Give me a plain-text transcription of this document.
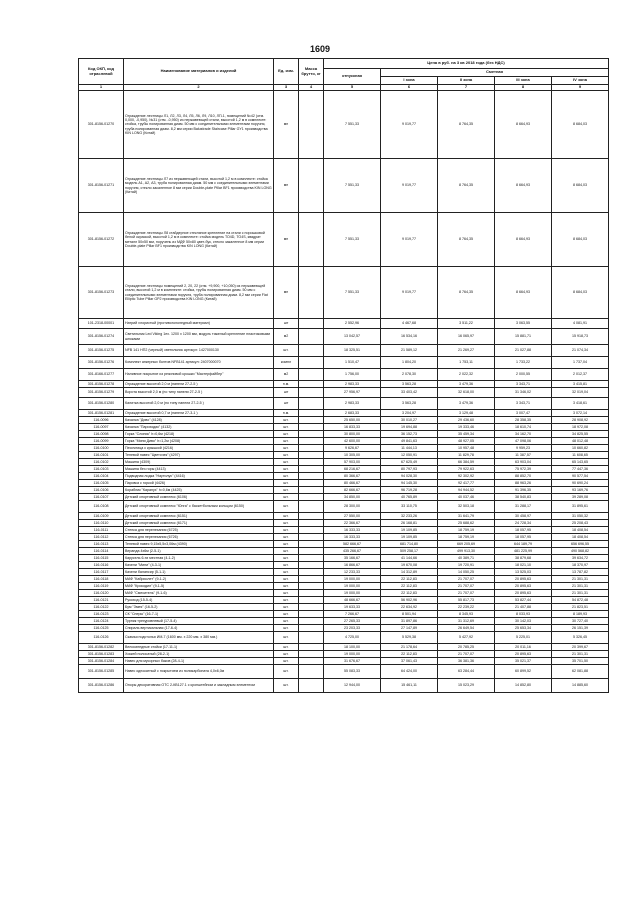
1609
Код ОКП, код отраслевой	Наименование материалов и изделий	Ед. изм.	Масса брутто, кг	Цена в руб. на 3 кв 2018 года (без НДС)				
				отпускная	Сметная			
					I зона	II зона	III зона	IV зона
1	2	3	4	5	6	7	8	9
301-8156-01270	Ограждение лестницы Л1, Л2, Л3, Л4, Л5, Л6, Л9, Л10, ЛП-1, помещений №42 (отм. 0,000, -0,950), №31 (отм. -0,950) из нержавеющей стали, высотой 1,2 м в комплекте: стойка, трубы полированная диам. 50 мм с соединительными элементами поручня, труба полированная диам. 8,2 мм серии Balustrade Staircase Pillar GY1 производства KIN LONG (Китай)	мп		7 551,33	9 019,77	8 764,35	8 664,93	8 684,03
301-8156-01271	Ограждение лестницы Л7 из нержавеющей стали, высотой 1,2 м в комплекте: стойка модель А1, А2, А3, труба полированная диам. 50 мм с соединительными элементами поручня, стекло закаленное 8 мм серии Double-plate Pillar BF1 производства KIN LONG (Китай)	мп		7 551,33	9 019,77	8 764,35	8 664,93	8 684,03
301-8156-01272	Ограждение лестницы Л8 стайдерное стекляное крепление на стали с порошковой белой окраской, высотой 1,2 м в комплекте: стойка модель ТО4D, ТО4S, квадрат металл 50х50 мм, поручень из МДФ 50х80 цвет-бук, стекло закаленное 8 мм серии Double-plate Pillar BF1 производства KIN LONG (Китай)	мп		7 551,33	9 019,77	8 764,35	8 664,93	8 684,03
301-8156-01273	Ограждение лестницы помещений 2, 20, 22 (отм. +9,900, +10,050) из нержавеющей стали, высотой 1,2 м в комплекте: стойка, трубы полированная диам. 50 мм с соединительными элементами поручня, труба полированная диам. 8,2 мм серии Flat Elliptic Tube Pillar GP2 производства KIN LONG (Китай)	мп		7 551,33	9 019,77	8 764,35	8 664,93	8 684,03
101-2318-00001	Натрий хлористый (противогололедный материал)	шт		2 552,96	4 467,68	3 511,22	3 063,55	4 081,91
301-8156-01274	Светильник Led Viking 1ex. 1200 х 1200 мм, модуль тяжелый крепление пластиковыми шпоками	м2		13 042,57	16 534,16	16 065,97	15 881,71	15 918,73
301-8156-01275	NFB 141 НП2 (черный) светильник артикул: 1427000130	шт.		18 325,51	21 589,12	21 269,27	21 027,88	21 074,34
301-8156-01276	Комплект анкерных болтов NFB141 артикул: 2407000070	компл		1 510,47	1 804,20	1 753,11	1 733,22	1 737,04
301-8166-01277	Наливное покрытие из резиновой крошки "Мастерфайбер"	м2		1 756,00	2 078,30	2 022,32	2 000,55	2 012,37
301-8156-01278	Ограждение высотой 2,0 м (панели 27-2-5 )	п.м.		2 983,33	3 563,28	3 479,36	3 343,71	3 415,81
301-8156-01279	Ворота высотой 2,0 м (по типу панели 27-2-5 )	шт		27 956,97	33 403,42	32 618,00	31 346,02	32 019,04
301-8156-01280	Калитка высотой 2,0 м (по типу панели 27-2-5 )	шт		2 983,33	3 563,28	3 479,36	3 343,71	3 418,61
301-8156-01281	Ограждение высотой 0,7 м (панели 27-3-1 )	п.м.		2 683,33	3 204,97	3 129,48	3 007,47	3 072,14
116-0096	Качалка "Диво" (4128)	шт.		25 650,00	30 010,27	29 436,60	28 358,35	28 908,92
116-0097	Качалка "Пароходик" (4132)	шт.		16 833,33	19 694,88	19 333,46	18 610,74	18 972,08
116-0098	Горка "Слоник" h=0,6м (4218)	шт.		30 800,00	36 152,73	35 459,34	34 162,70	34 825,55
116-0099	Горка "Мини Диво" h=1,2м (4208)	шт.		42 600,00	49 841,63	48 927,05	47 098,06	48 012,48
116-0100	Песочница с крышкой (4216)	шт.		9 626,67	11 444,13	10 957,48	9 959,23	10 660,82
116-0101	Теневой навес "Цветочек" (4297)	шт.		10 305,00	12 050,91	11 829,78	11 387,57	11 608,65
116-0102	Машина (4309)	шт.		57 903,00	67 625,49	66 384,59	63 903,04	65 143,65
116-0103	Машина без горы (4413)	шт.		68 216,67	80 797,93	79 922,63	75 972,39	77 447,36
116-0104	Подводная лодка "Наутилус" (4416)	шт.		80 366,67	94 028,30	92 302,92	88 852,70	90 577,54
116-0105	Паровоз с горкой (4426)	шт.		80 466,67	94 145,30	92 417,77	88 963,26	90 690,24
116-0106	Кораблик "Карапуз" h=0,6м (4425)	шт.		82 666,67	96 719,28	94 944,52	91 396,35	93 169,76
116-0107	Детский спортивный комплекс (6106)	шт.		34 850,00	40 765,89	40 037,46	38 540,83	39 289,08
116-0108	Детский спортивный комплекс "Юнга" с баскетбольным кольцом (6150)	шт.		28 300,00	33 110,75	32 503,18	31 288,17	31 895,61
116-0109	Детский спортивный комплекс (6151)	шт.		27 550,00	32 233,26	31 641,79	30 458,97	31 050,32
116-0110	Детский спортивный комплекс (6171)	шт.		22 366,67	26 168,81	25 688,62	24 728,34	25 208,43
116-0111	Стенка для перелезания (6725)	шт.		16 333,33	19 109,85	18 759,19	18 057,95	18 408,54
116-0112	Стенка для перелезания (6726)	шт.		16 333,33	19 109,85	18 759,19	18 057,95	18 408,54
116-0113	Теневой навес 9,15х5,5х3,06м (4390)	шт.		582 666,67	681 714,80	669 205,69	644 189,79	656 696,55
116-0114	Веранда 4х6м (2-5-1)	шт.		435 266,67	509 258,17	499 913,30	481 225,99	490 568,82
116-0115	Карусель 6-ти местная (4-1-2)	шт.		35 166,67	41 144,66	40 389,71	38 879,68	39 634,72
116-0116	Качели "Мини" (4-3-1)	шт.		16 866,67	19 670,08	19 720,91	18 021,10	18 370,97
116-0117	Качели балансир (5-1-1)	шт.		12 233,33	14 312,89	14 050,25	13 525,03	13 787,82
116-0118	МАФ "Кабриолет" (9-1-2)	шт.		19 000,00	22 112,83	21 707,07	20 895,63	21 301,31
116-0119	МАФ "Крокодил" (9-1-5)	шт.		19 000,00	22 112,83	21 707,07	20 895,63	21 301,31
116-0120	МАФ "Смеситель" (9-1-6)	шт.		19 000,00	22 112,83	21 707,07	20 895,63	21 301,31
116-0121	Рукоход (15-5-4)	шт.		48 666,67	56 902,96	55 817,73	53 827,44	54 872,48
116-0122	Бум "Змея" (16-5-2)	шт.		19 633,33	22 634,92	22 239,22	21 407,88	21 823,51
116-0123	СК "Сперы" (16-7-1)	шт.		7 266,67	8 501,94	8 345,93	8 033,93	8 189,93
116-0124	Турник трехуровневый (17-5-4)	шт.		27 265,33	31 897,86	31 312,69	30 142,03	30 727,40
116-0125	Спираль вертикальная (17-6-4)	шт.		23 203,33	27 147,89	26 649,54	25 653,34	26 151,39
116-0126	Скамья подстолья ИМ-7 (1600 мм. х 220 мм. х 380 мм.)	шт.		4 725,00	5 529,38	5 427,92	5 225,01	5 326,45
301-8156-01282	Велосипедные стойки (17-11-1)	шт.		18 100,00	21 178,64	20 785,25	20 011,16	20 399,67
301-8156-01283	Хоккей полосатый (28-2-1)	шт.		19 000,00	22 112,83	21 707,07	20 895,63	21 301,31
301-8156-01284	Навес для мусорных баков (28-4-1)	шт.		31 676,67	37 061,43	36 381,36	35 021,37	35 701,50
301-8156-01285	Навес однокатный с покрытием из поликарбоната 4,0х6,0м	шт.		55 083,33	64 424,00	63 284,44	60 899,52	62 081,88
301-8156-01286	Опоры декоративная ОТС 2-КВ127.1 с кронштейном и закладным элементом	шт.		12 944,00	15 461,11	15 023,29	14 852,80	14 885,60
